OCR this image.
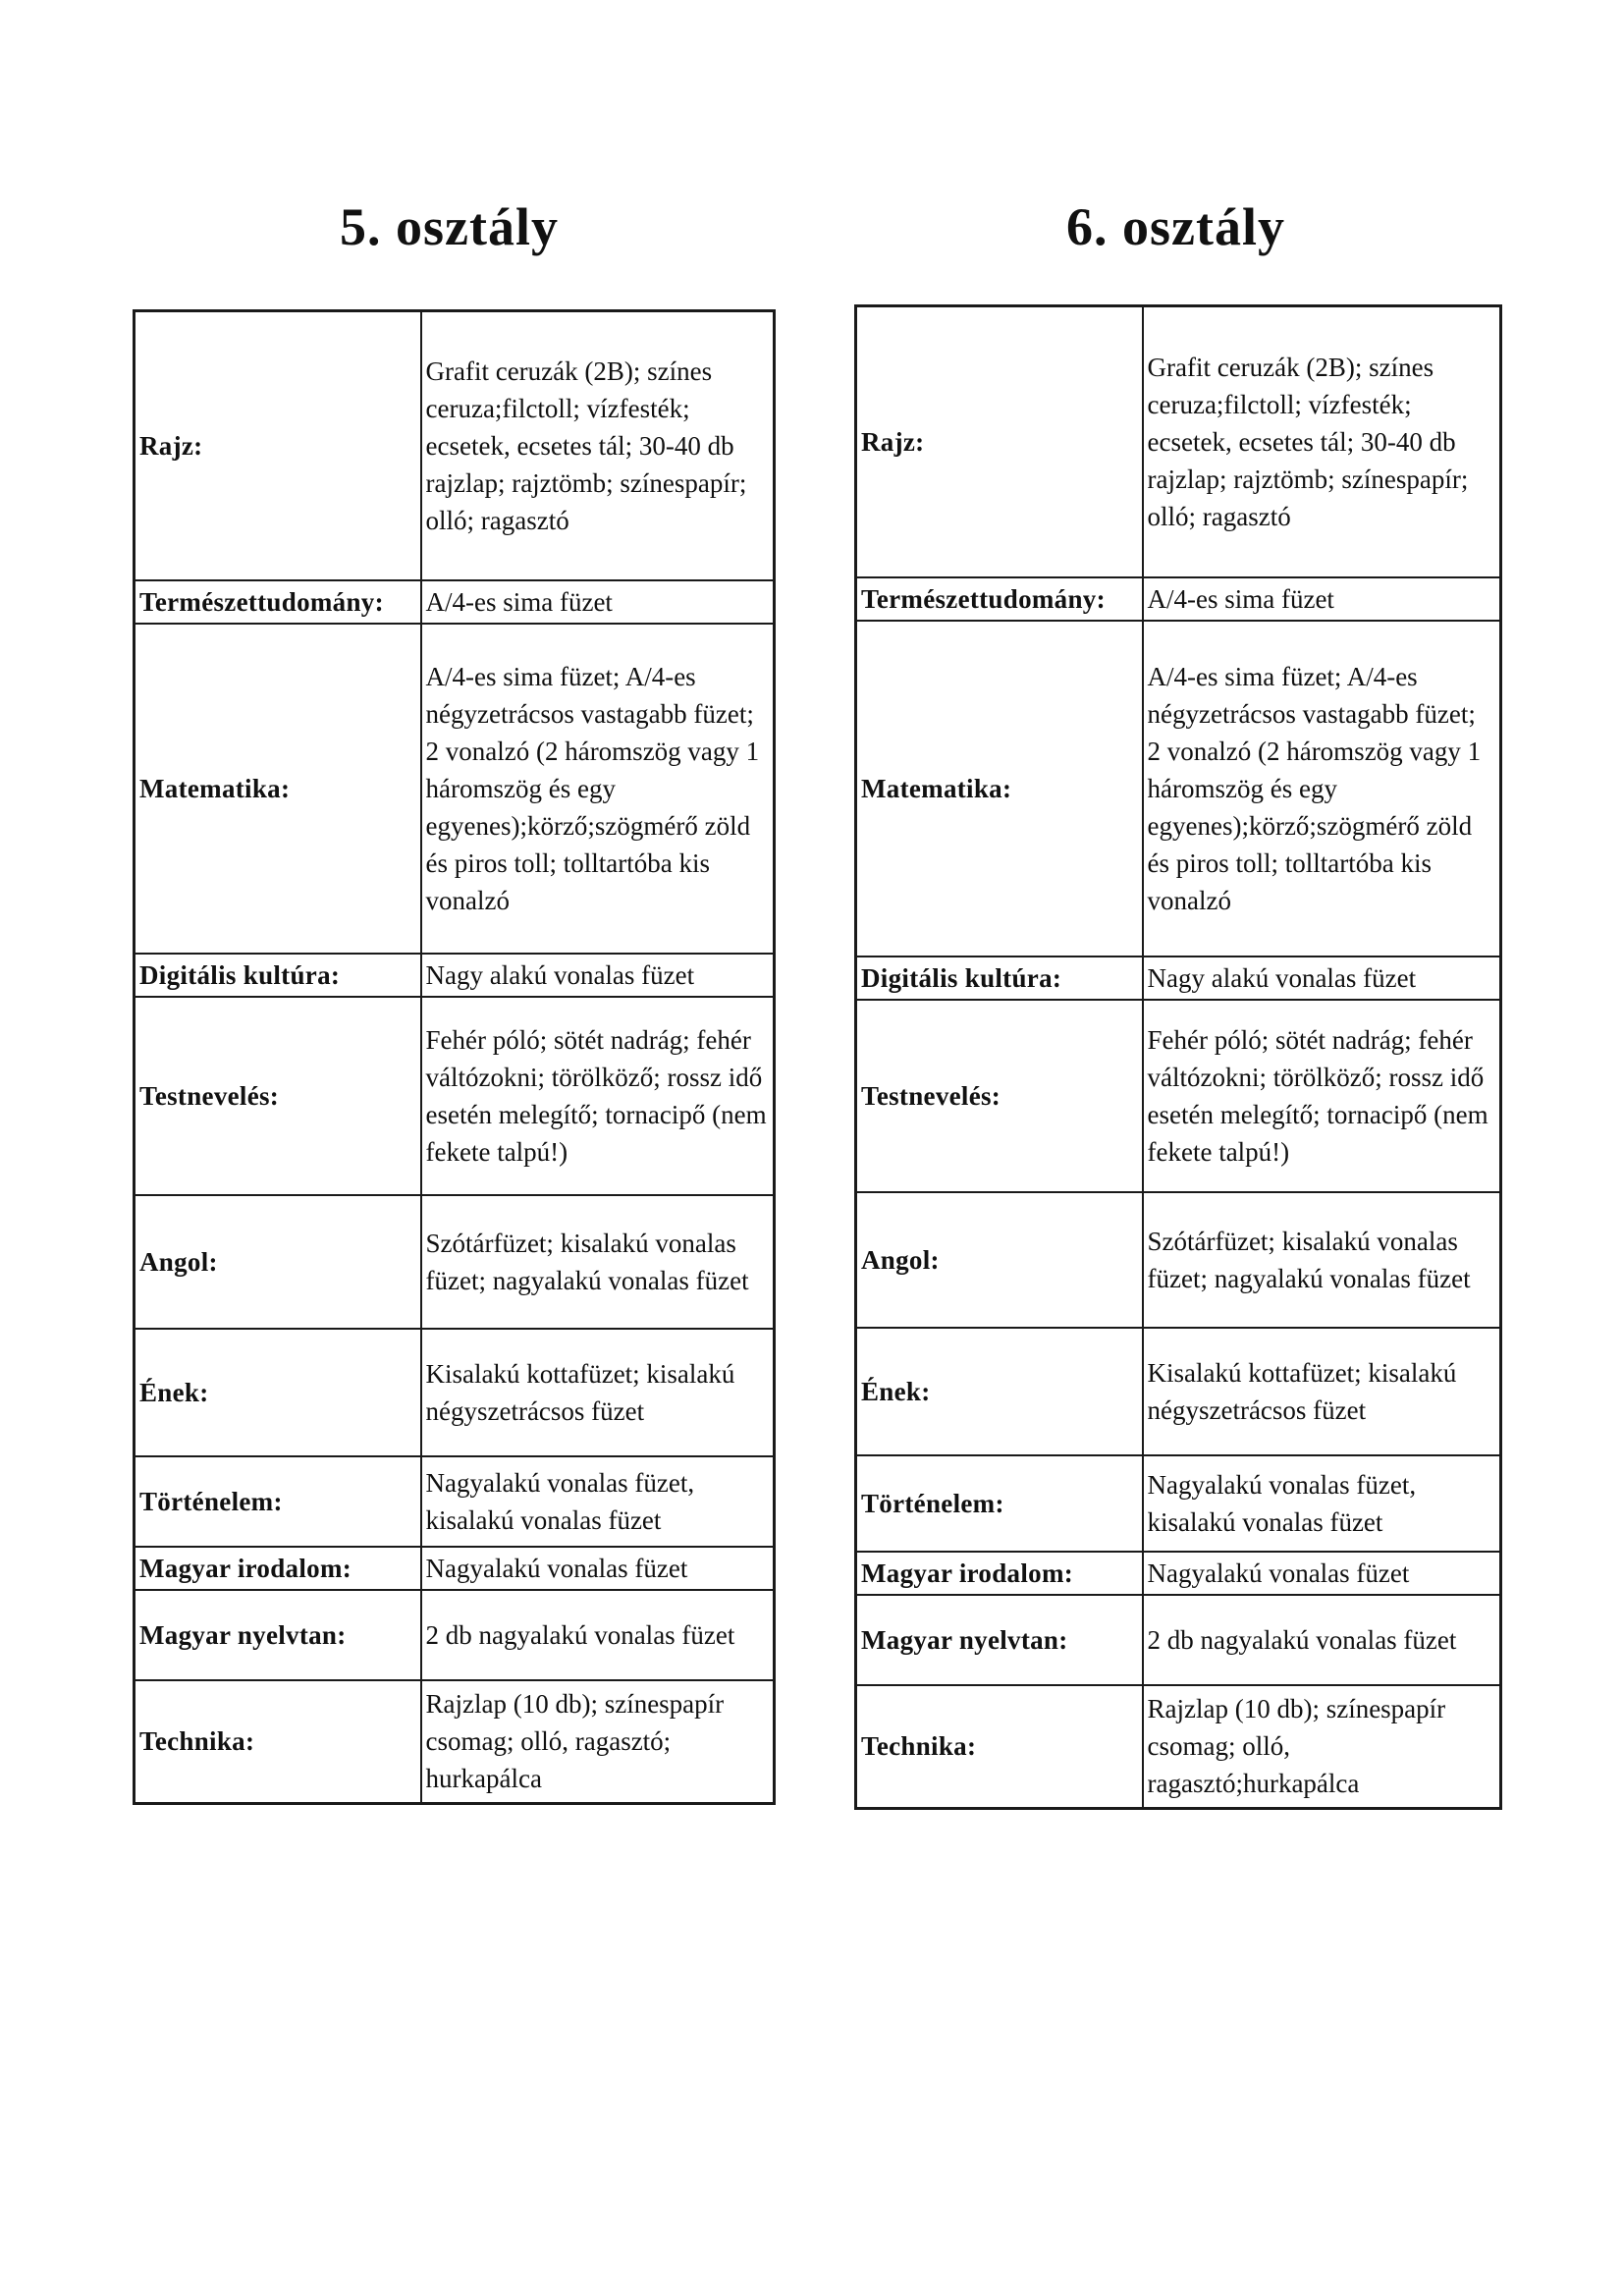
5. osztály	6. osztály
Rajz:	Grafit ceruzák (2B); színes ceruza;filctoll; vízfesték; ecsetek, ecsetes tál; 30-40 db rajzlap; rajztömb; színespapír; olló; ragasztó
Természettudomány:	A/4-es sima füzet
Matematika:	A/4-es sima füzet; A/4-es négyzetrácsos vastagabb füzet; 2 vonalzó (2 háromszög vagy 1 háromszög és egy egyenes);körző;szögmérő zöld és piros toll; tolltartóba kis vonalzó
Digitális kultúra:	Nagy alakú vonalas füzet
Testnevelés:	Fehér póló; sötét nadrág; fehér váltózokni; törölköző; rossz idő esetén melegítő; tornacipő (nem fekete talpú!)
Angol:	Szótárfüzet; kisalakú vonalas füzet; nagyalakú vonalas füzet
Ének:	Kisalakú kottafüzet; kisalakú négyszetrácsos füzet
Történelem:	Nagyalakú vonalas füzet, kisalakú vonalas füzet
Magyar irodalom:	Nagyalakú vonalas füzet
Magyar nyelvtan:	2 db nagyalakú vonalas füzet
Technika:	Rajzlap (10 db); színespapír csomag; olló, ragasztó; hurkapálca
Rajz:	Grafit ceruzák (2B); színes ceruza;filctoll; vízfesték; ecsetek, ecsetes tál; 30-40 db rajzlap; rajztömb; színespapír; olló; ragasztó
Természettudomány:	A/4-es sima füzet
Matematika:	A/4-es sima füzet; A/4-es négyzetrácsos vastagabb füzet; 2 vonalzó (2 háromszög vagy 1 háromszög és egy egyenes);körző;szögmérő zöld és piros toll; tolltartóba kis vonalzó
Digitális kultúra:	Nagy alakú vonalas füzet
Testnevelés:	Fehér póló; sötét nadrág; fehér váltózokni; törölköző; rossz idő esetén melegítő; tornacipő (nem fekete talpú!)
Angol:	Szótárfüzet; kisalakú vonalas füzet; nagyalakú vonalas füzet
Ének:	Kisalakú kottafüzet; kisalakú négyszetrácsos füzet
Történelem:	Nagyalakú vonalas füzet, kisalakú vonalas füzet
Magyar irodalom:	Nagyalakú vonalas füzet
Magyar nyelvtan:	2 db nagyalakú vonalas füzet
Technika:	Rajzlap (10 db); színespapír csomag; olló, ragasztó;hurkapálca
